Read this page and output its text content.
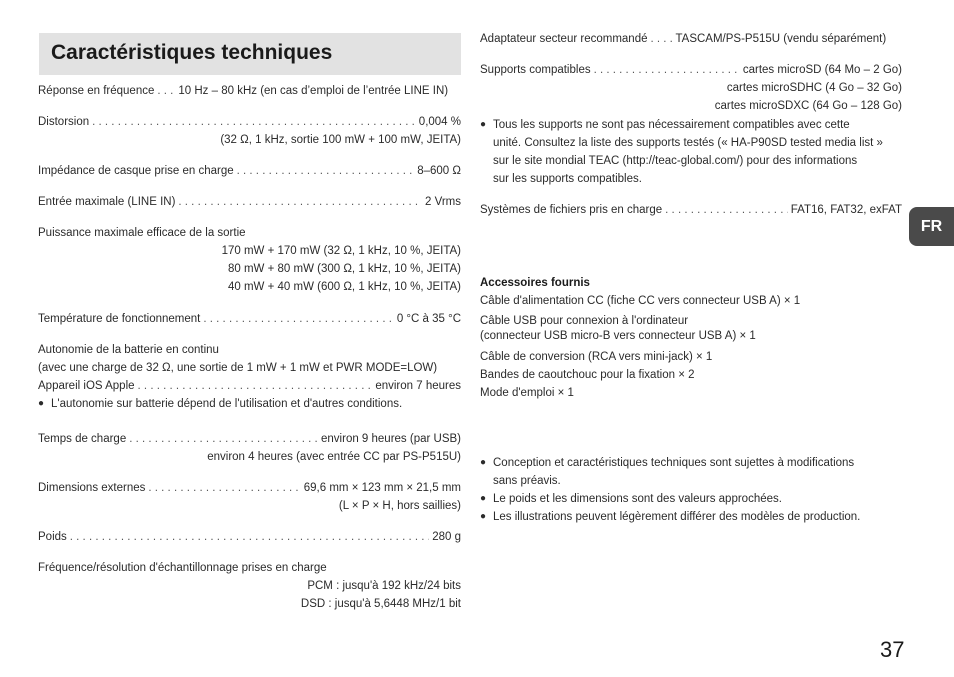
Caractéristiques techniques
Réponse en fréquence . . . 10 Hz – 80 kHz (en cas d’emploi de l’entrée LINE IN)
Distorsion . . .	0,004 %
(32 Ω, 1 kHz, sortie 100 mW + 100 mW, JEITA)
Impédance de casque prise en charge . . .	8–600 Ω
Entrée maximale (LINE IN) . . .	2 Vrms
Puissance maximale efficace de la sortie
170 mW + 170 mW (32 Ω, 1 kHz, 10 %, JEITA)
80 mW + 80 mW (300 Ω, 1 kHz, 10 %, JEITA)
40 mW + 40 mW (600 Ω, 1 kHz, 10 %, JEITA)
Température de fonctionnement . . .	0 °C à 35 °C
Autonomie de la batterie en continu
(avec une charge de 32 Ω, une sortie de 1 mW + 1 mW et PWR MODE=LOW)
Appareil iOS Apple . . .	environ 7 heures
● L'autonomie sur batterie dépend de l'utilisation et d'autres conditions.
Temps de charge . . .	environ 9 heures (par USB)
environ 4 heures (avec entrée CC par PS-P515U)
Dimensions externes . . .	69,6 mm × 123 mm × 21,5 mm
(L × P × H, hors saillies)
Poids . . .	280 g
Fréquence/résolution d'échantillonnage prises en charge
PCM : jusqu'à 192 kHz/24 bits
DSD : jusqu'à 5,6448 MHz/1 bit
Adaptateur secteur recommandé . . . TASCAM/PS-P515U (vendu séparément)
Supports compatibles . . .	cartes microSD (64 Mo – 2 Go)
cartes microSDHC (4 Go – 32 Go)
cartes microSDXC (64 Go – 128 Go)
● Tous les supports ne sont pas nécessairement compatibles avec cette
unité. Consultez la liste des supports testés (« HA-P90SD tested media list »
sur le site mondial TEAC (http://teac-global.com/) pour des informations
sur les supports compatibles.
Systèmes de fichiers pris en charge . . .	FAT16, FAT32, exFAT
Accessoires fournis
Câble d'alimentation CC (fiche CC vers connecteur USB A) × 1
Câble USB pour connexion à l'ordinateur
(connecteur USB micro-B vers connecteur USB A) × 1
Câble de conversion (RCA vers mini-jack) × 1
Bandes de caoutchouc pour la fixation × 2
Mode d'emploi × 1
● Conception et caractéristiques techniques sont sujettes à modifications
sans préavis.
● Le poids et les dimensions sont des valeurs approchées.
● Les illustrations peuvent légèrement différer des modèles de production.
FR
37
